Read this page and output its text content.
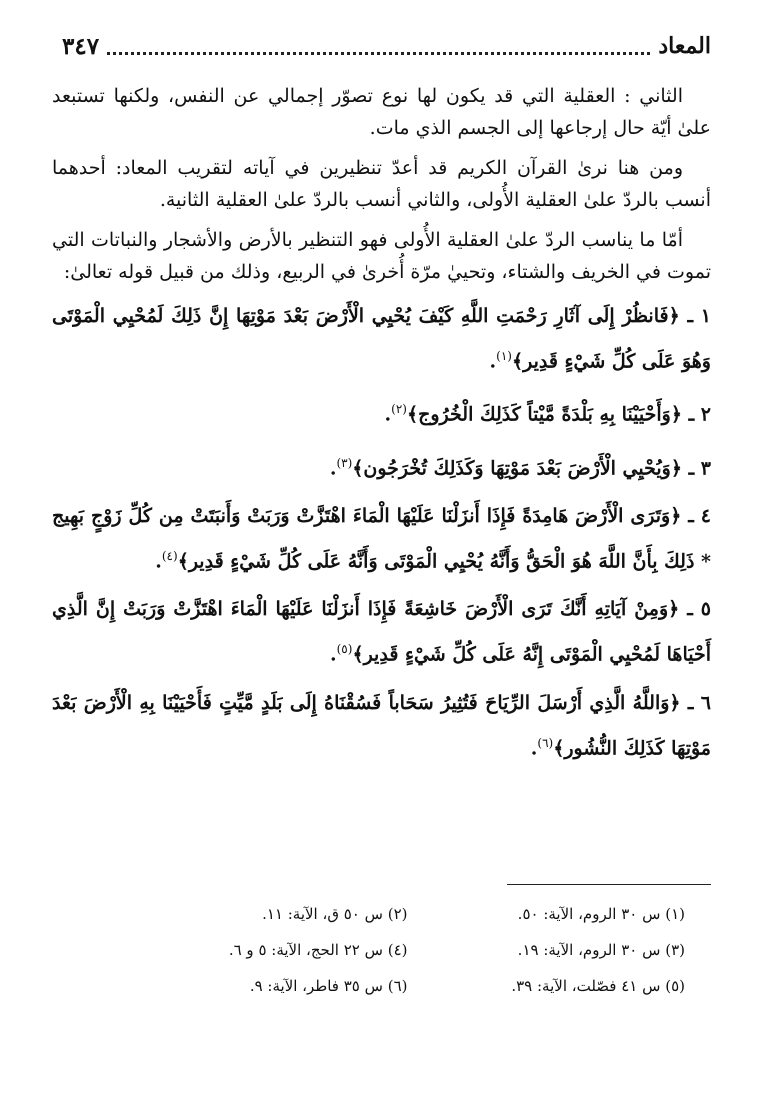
المعاد
٣٤٧

الثاني : العقلية التي قد يكون لها نوع تصوّر إجمالي عن النفس، ولكنها تستبعد علىٰ أيّة حال إرجاعها إلى الجسم الذي مات.

ومن هنا نرىٰ القرآن الكريم قد أعدّ تنظيرين في آياته لتقريب المعاد: أحدهما أنسب بالردّ علىٰ العقلية الأُولى، والثاني أنسب بالردّ علىٰ العقلية الثانية.

أمّا ما يناسب الردّ علىٰ العقلية الأُولى فهو التنظير بالأرض والأشجار والنباتات التي تموت في الخريف والشتاء، وتحييٰ مرّة أُخرىٰ في الربيع، وذلك من قبيل قوله تعالىٰ:

١ ـ ﴿فَانظُرْ إِلَى آثَارِ رَحْمَتِ اللَّهِ كَيْفَ يُحْيِي الْأَرْضَ بَعْدَ مَوْتِهَا إِنَّ ذَلِكَ لَمُحْيِي الْمَوْتَى وَهُوَ عَلَى كُلِّ شَيْءٍ قَدِير﴾$^{(١)}$.

٢ ـ ﴿وَأَحْيَيْنَا بِهِ بَلْدَةً مَّيْتاً كَذَلِكَ الْخُرُوج﴾$^{(٢)}$.

٣ ـ ﴿وَيُحْيِي الْأَرْضَ بَعْدَ مَوْتِهَا وَكَذَلِكَ تُخْرَجُون﴾$^{(٣)}$.

٤ ـ ﴿وَتَرَى الْأَرْضَ هَامِدَةً فَإِذَا أَنزَلْنَا عَلَيْهَا الْمَاءَ اهْتَزَّتْ وَرَبَتْ وَأَنبَتَتْ مِن كُلِّ زَوْجٍ بَهِيج * ذَلِكَ بِأَنَّ اللَّهَ هُوَ الْحَقُّ وَأَنَّهُ يُحْيِي الْمَوْتَى وَأَنَّهُ عَلَى كُلِّ شَيْءٍ قَدِير﴾$^{(٤)}$.

٥ ـ ﴿وَمِنْ آيَاتِهِ أَنَّكَ تَرَى الْأَرْضَ خَاشِعَةً فَإِذَا أَنزَلْنَا عَلَيْهَا الْمَاءَ اهْتَزَّتْ وَرَبَتْ إِنَّ الَّذِي أَحْيَاهَا لَمُحْيِي الْمَوْتَى إِنَّهُ عَلَى كُلِّ شَيْءٍ قَدِير﴾$^{(٥)}$.

٦ ـ ﴿وَاللَّهُ الَّذِي أَرْسَلَ الرِّيَاحَ فَتُثِيرُ سَحَاباً فَسُقْنَاهُ إِلَى بَلَدٍ مَّيِّتٍ فَأَحْيَيْنَا بِهِ الْأَرْضَ بَعْدَ مَوْتِهَا كَذَلِكَ النُّشُور﴾$^{(٦)}$.

(١) س ٣٠ الروم، الآية: ٥٠.
(٢) س ٥٠ ق، الآية: ١١.
(٣) س ٣٠ الروم، الآية: ١٩.
(٤) س ٢٢ الحج، الآية: ٥ و ٦.
(٥) س ٤١ فصّلت، الآية: ٣٩.
(٦) س ٣٥ فاطر، الآية: ٩.
